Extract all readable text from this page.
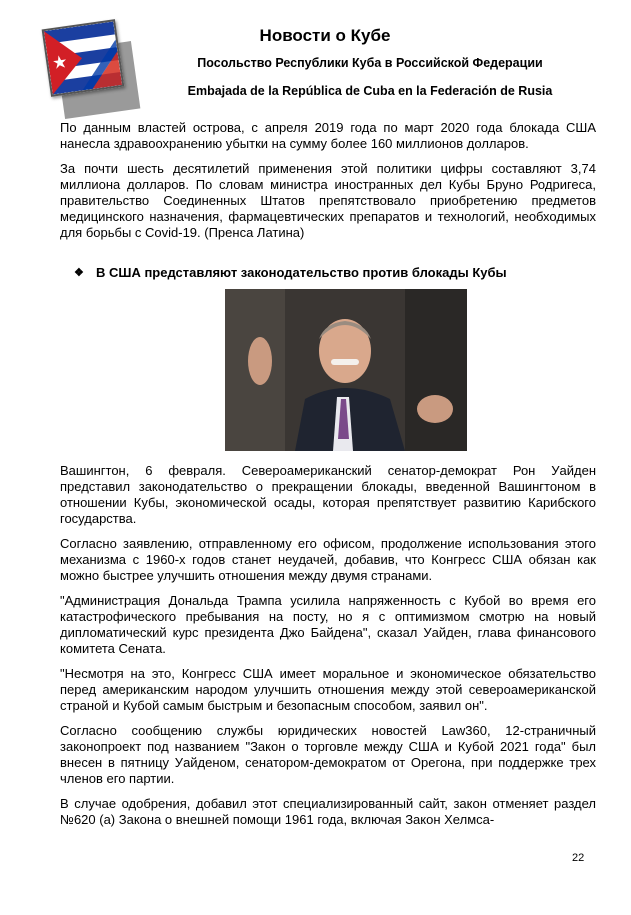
Новости о Кубе
Посольство Республики Куба в Российской Федерации
Embajada de la República de Cuba en la Federación de Rusia

По данным властей острова, с апреля 2019 года по март 2020 года блокада США нанесла здравоохранению убытки на сумму более 160 миллионов долларов.

За почти шесть десятилетий применения этой политики цифры составляют 3,74 миллиона долларов. По словам министра иностранных дел Кубы Бруно Родригеса, правительство Соединенных Штатов препятствовало приобретению предметов медицинского назначения, фармацевтических препаратов и технологий, необходимых для борьбы с Covid-19. (Пренса Латина)

❖ В США представляют законодательство против блокады Кубы

Вашингтон, 6 февраля. Североамериканский сенатор-демократ Рон Уайден представил законодательство о прекращении блокады, введенной Вашингтоном в отношении Кубы, экономической осады, которая препятствует развитию Карибского государства.

Согласно заявлению, отправленному его офисом, продолжение использования этого механизма с 1960-х годов станет неудачей, добавив, что Конгресс США обязан как можно быстрее улучшить отношения между двумя странами.

"Администрация Дональда Трампа усилила напряженность с Кубой во время его катастрофического пребывания на посту, но я с оптимизмом смотрю на новый дипломатический курс президента Джо Байдена", сказал Уайден, глава финансового комитета Сената.

"Несмотря на это, Конгресс США имеет моральное и экономическое обязательство перед американским народом улучшить отношения между этой североамериканской страной и Кубой самым быстрым и безопасным способом, заявил он".

Согласно сообщению службы юридических новостей Law360, 12-страничный законопроект под названием "Закон о торговле между США и Кубой 2021 года" был внесен в пятницу Уайденом, сенатором-демократом от Орегона, при поддержке трех членов его партии.

В случае одобрения, добавил этот специализированный сайт, закон отменяет раздел №620 (а) Закона о внешней помощи 1961 года, включая Закон Хелмса-

22
